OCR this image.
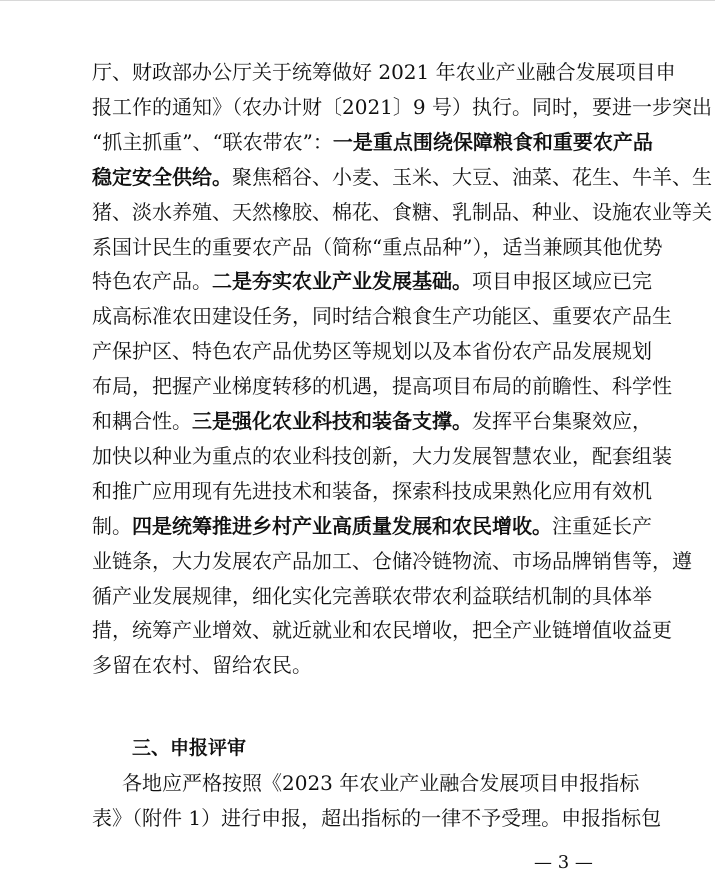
厅、财政部办公厅关于统筹做好 2021 年农业产业融合发展项目申
报工作的通知》（农办计财〔2021〕9 号）执行。同时，要进一步突出
“抓主抓重”、“联农带农”：一是重点围绕保障粮食和重要农产品
稳定安全供给。聚焦稻谷、小麦、玉米、大豆、油菜、花生、牛羊、生
猪、淡水养殖、天然橡胶、棉花、食糖、乳制品、种业、设施农业等关
系国计民生的重要农产品（简称“重点品种”），适当兼顾其他优势
特色农产品。二是夯实农业产业发展基础。项目申报区域应已完
成高标准农田建设任务，同时结合粮食生产功能区、重要农产品生
产保护区、特色农产品优势区等规划以及本省份农产品发展规划
布局，把握产业梯度转移的机遇，提高项目布局的前瞻性、科学性
和耦合性。三是强化农业科技和装备支撑。发挥平台集聚效应，
加快以种业为重点的农业科技创新，大力发展智慧农业，配套组装
和推广应用现有先进技术和装备，探索科技成果熟化应用有效机
制。四是统筹推进乡村产业高质量发展和农民增收。注重延长产
业链条，大力发展农产品加工、仓储冷链物流、市场品牌销售等，遵
循产业发展规律，细化实化完善联农带农利益联结机制的具体举
措，统筹产业增效、就近就业和农民增收，把全产业链增值收益更
多留在农村、留给农民。
三、申报评审
各地应严格按照《2023 年农业产业融合发展项目申报指标
表》（附件 1）进行申报，超出指标的一律不予受理。申报指标包
— 3 —
